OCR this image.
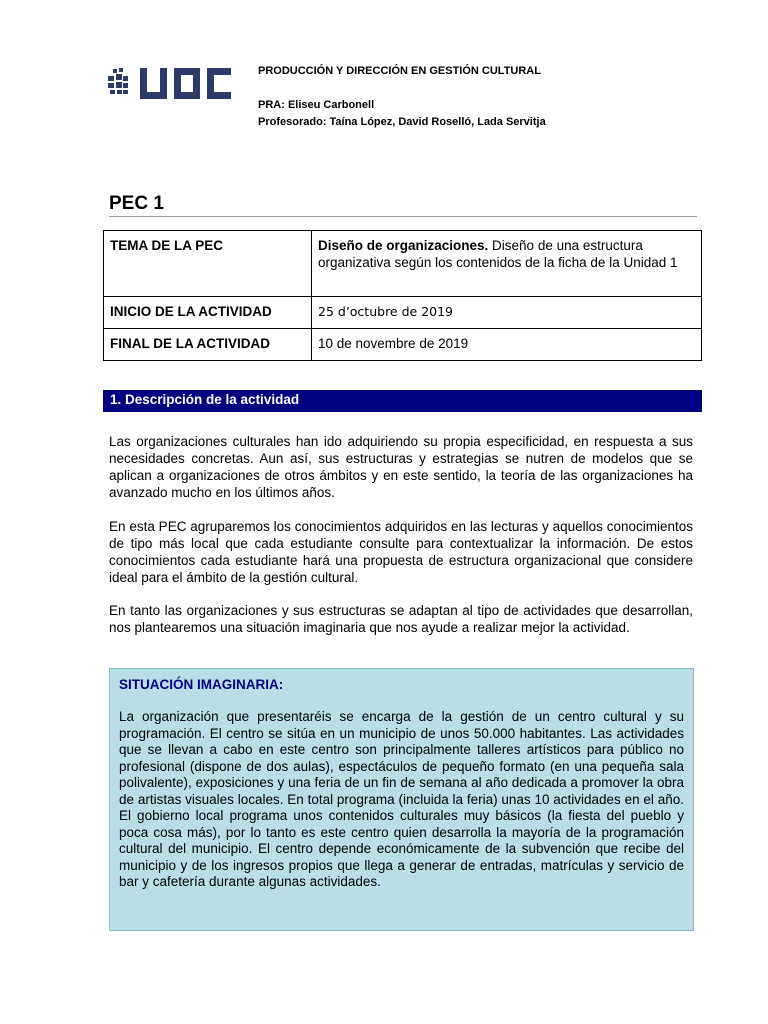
PRODUCCIÓN Y DIRECCIÓN EN GESTIÓN CULTURAL
PRA: Eliseu Carbonell
Profesorado: Taína López, David Roselló, Lada Servitja
PEC 1
TEMA DE LA PEC	Diseño de organizaciones. Diseño de una estructura organizativa según los contenidos de la ficha de la Unidad 1
INICIO DE LA ACTIVIDAD	25 d’octubre de 2019
FINAL DE LA ACTIVIDAD	10 de novembre de 2019
1. Descripción de la actividad

Las organizaciones culturales han ido adquiriendo su propia especificidad, en respuesta a sus necesidades concretas. Aun así, sus estructuras y estrategias se nutren de modelos que se aplican a organizaciones de otros ámbitos y en este sentido, la teoría de las organizaciones ha avanzado mucho en los últimos años.

En esta PEC agruparemos los conocimientos adquiridos en las lecturas y aquellos conocimientos de tipo más local que cada estudiante consulte para contextualizar la información. De estos conocimientos cada estudiante hará una propuesta de estructura organizacional que considere ideal para el ámbito de la gestión cultural.

En tanto las organizaciones y sus estructuras se adaptan al tipo de actividades que desarrollan, nos plantearemos una situación imaginaria que nos ayude a realizar mejor la actividad.

SITUACIÓN IMAGINARIA:

La organización que presentaréis se encarga de la gestión de un centro cultural y su programación. El centro se sitúa en un municipio de unos 50.000 habitantes. Las actividades que se llevan a cabo en este centro son principalmente talleres artísticos para público no profesional (dispone de dos aulas), espectáculos de pequeño formato (en una pequeña sala polivalente), exposiciones y una feria de un fin de semana al año dedicada a promover la obra de artistas visuales locales. En total programa (incluida la feria) unas 10 actividades en el año. El gobierno local programa unos contenidos culturales muy básicos (la fiesta del pueblo y poca cosa más), por lo tanto es este centro quien desarrolla la mayoría de la programación cultural del municipio. El centro depende económicamente de la subvención que recibe del municipio y de los ingresos propios que llega a generar de entradas, matrículas y servicio de bar y cafetería durante algunas actividades.
